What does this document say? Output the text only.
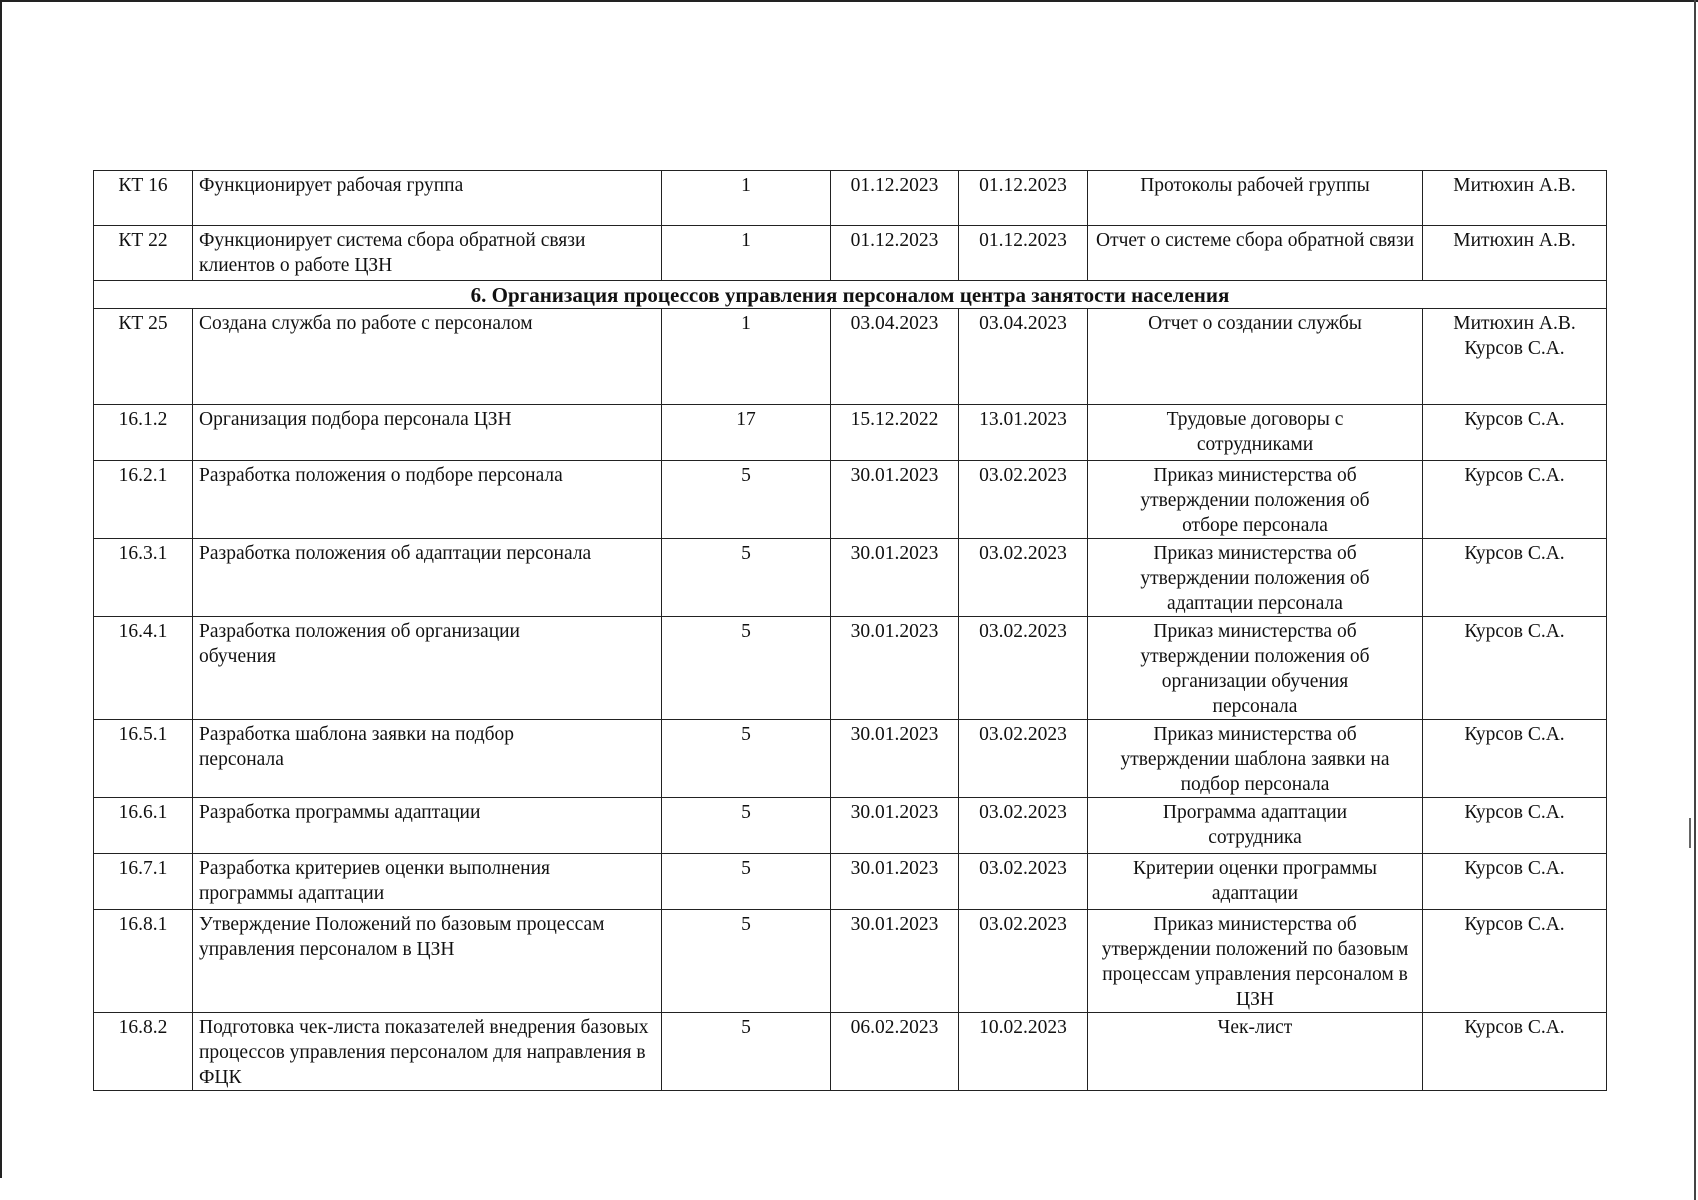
КТ 16	Функционирует рабочая группа	1	01.12.2023	01.12.2023	Протоколы рабочей группы	Митюхин А.В.
КТ 22	Функционирует система сбора обратной связи клиентов о работе ЦЗН	1	01.12.2023	01.12.2023	Отчет о системе сбора обратной связи	Митюхин А.В.
6. Организация процессов управления персоналом центра занятости населения						
КТ 25	Создана служба по работе с персоналом	1	03.04.2023	03.04.2023	Отчет о создании службы	Митюхин А.В. Курсов С.А.
16.1.2	Организация подбора персонала ЦЗН	17	15.12.2022	13.01.2023	Трудовые договоры с сотрудниками	Курсов С.А.
16.2.1	Разработка положения о подборе персонала	5	30.01.2023	03.02.2023	Приказ министерства об утверждении положения об отборе персонала	Курсов С.А.
16.3.1	Разработка положения об адаптации персонала	5	30.01.2023	03.02.2023	Приказ министерства об утверждении положения об адаптации персонала	Курсов С.А.
16.4.1	Разработка положения об организации обучения	5	30.01.2023	03.02.2023	Приказ министерства об утверждении положения об организации обучения персонала	Курсов С.А.
16.5.1	Разработка шаблона заявки на подбор персонала	5	30.01.2023	03.02.2023	Приказ министерства об утверждении шаблона заявки на подбор персонала	Курсов С.А.
16.6.1	Разработка программы адаптации	5	30.01.2023	03.02.2023	Программа адаптации сотрудника	Курсов С.А.
16.7.1	Разработка критериев оценки выполнения программы адаптации	5	30.01.2023	03.02.2023	Критерии оценки программы адаптации	Курсов С.А.
16.8.1	Утверждение Положений по базовым процессам управления персоналом в ЦЗН	5	30.01.2023	03.02.2023	Приказ министерства об утверждении положений по базовым процессам управления персоналом в ЦЗН	Курсов С.А.
16.8.2	Подготовка чек-листа показателей внедрения базовых процессов управления персоналом для направления в ФЦК	5	06.02.2023	10.02.2023	Чек-лист	Курсов С.А.
